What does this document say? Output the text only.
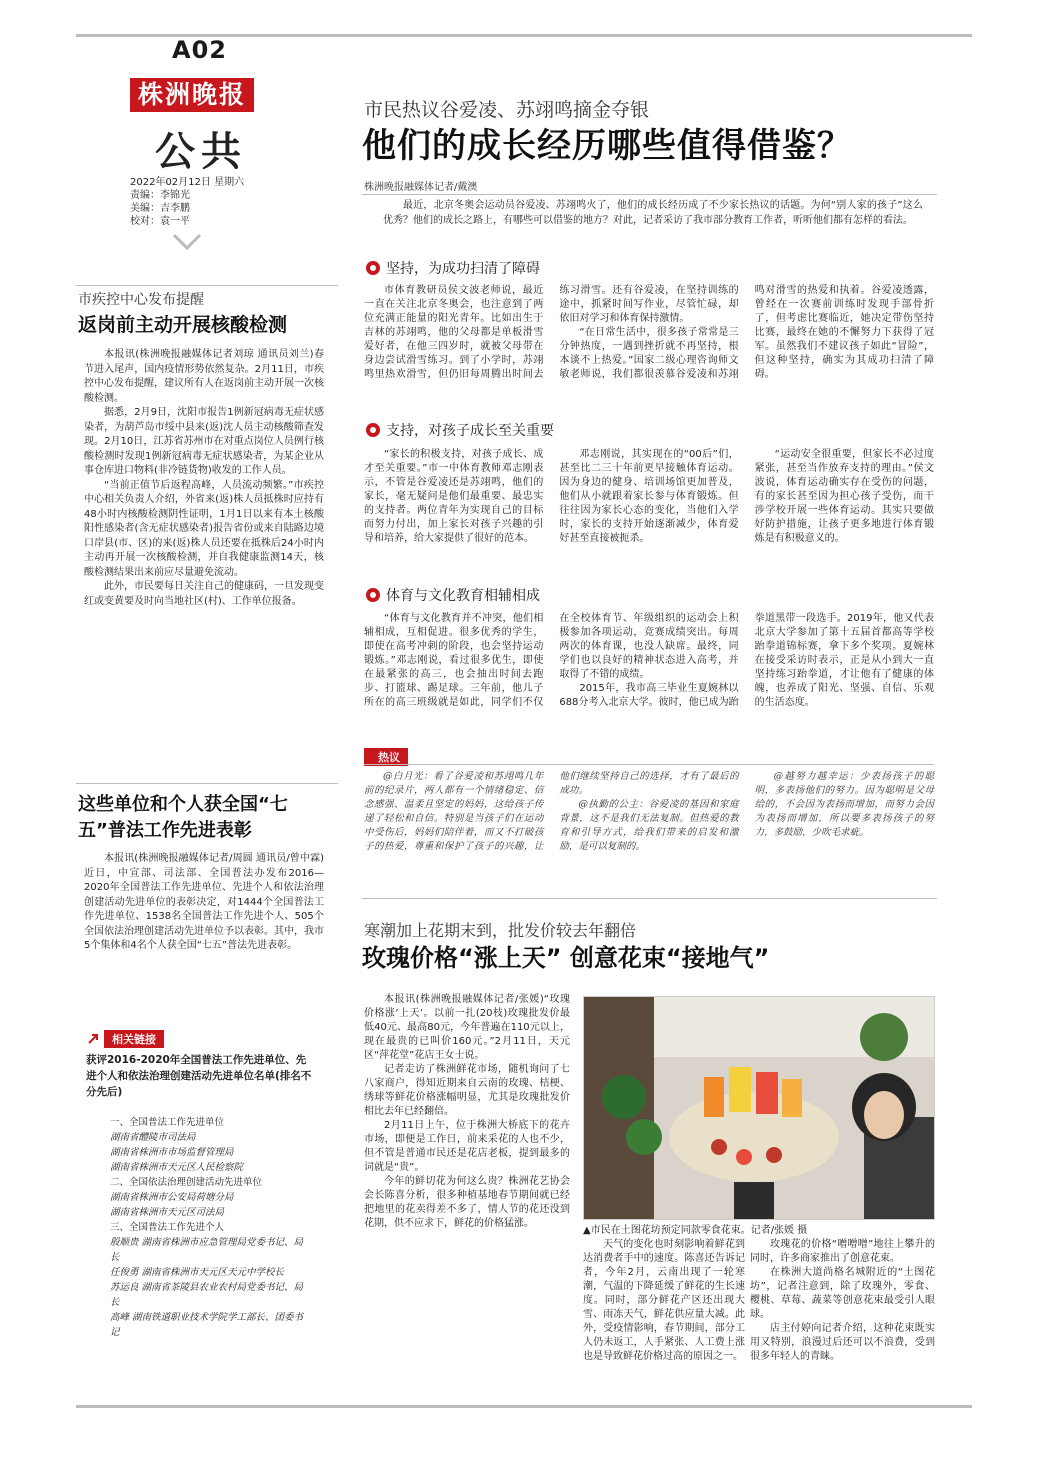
A02
株洲晚报
公共
2022年02月12日 星期六
责编：李锦光
美编：吉李鹏
校对：袁一平
市民热议谷爱凌、苏翊鸣摘金夺银
他们的成长经历哪些值得借鉴？
株洲晚报融媒体记者/戴澳

最近，北京冬奥会运动员谷爱凌、苏翊鸣火了，他们的成长经历成了不少家长热议的话题。为何“别人家的孩子”这么优秀？他们的成长之路上，有哪些可以借鉴的地方？对此，记者采访了我市部分教育工作者，听听他们都有怎样的看法。

坚持，为成功扫清了障碍

市体育教研员侯文波老师说，最近一直在关注北京冬奥会，也注意到了两位充满正能量的阳光青年。比如出生于吉林的苏翊鸣，他的父母都是单板滑雪爱好者，在他三四岁时，就被父母带在身边尝试滑雪练习。到了小学时，苏翊鸣里热欢滑雪，但仍旧每周腾出时间去练习滑雪。还有谷爱凌，在坚持训练的途中，抓紧时间写作业，尽管忙碌，却依旧对学习和体育保持激情。

“在日常生活中，很多孩子常常是三分钟热度，一遇到挫折就不再坚持，根本谈不上热爱。”国家二级心理咨询师文敏老师说，我们都很羡慕谷爱凌和苏翊鸣对滑雪的热爱和执着。谷爱凌透露，曾经在一次赛前训练时发现手部骨折了，但考虑比赛临近，她决定带伤坚持比赛，最终在她的不懈努力下获得了冠军。虽然我们不建议孩子如此“冒险”，但这种坚持，确实为其成功扫清了障碍。

支持，对孩子成长至关重要

“家长的积极支持，对孩子成长、成才至关重要。”市一中体育教师邓志刚表示，不管是谷爱凌还是苏翊鸣，他们的家长，毫无疑问是他们最重要、最忠实的支持者。两位青年为实现自己的目标而努力付出，加上家长对孩子兴趣的引导和培养，给大家提供了很好的范本。

邓志刚说，其实现在的“00后”们，甚至比二三十年前更早接触体育运动。因为身边的健身、培训场馆更加普及，他们从小就跟着家长参与体育锻炼。但往往因为家长心态的变化，当他们入学时，家长的支持开始逐渐减少，体育爱好甚至直接被扼杀。

“运动安全很重要，但家长不必过度紧张，甚至当作放弃支持的理由。”侯文波说，体育运动确实存在受伤的问题，有的家长甚至因为担心孩子受伤，而干涉学校开展一些体育运动。其实只要做好防护措施，让孩子更多地进行体育锻炼是有积极意义的。

体育与文化教育相辅相成

“体育与文化教育并不冲突，他们相辅相成，互相促进。很多优秀的学生，即使在高考冲刺的阶段，也会坚持运动锻炼。”邓志刚说，看过很多优生，即使在最紧张的高三，也会抽出时间去跑步、打篮球、踢足球。三年前，他儿子所在的高三班级就是如此，同学们不仅在全校体育节、年级组织的运动会上积极参加各项运动，竞赛成绩突出。每周两次的体育课，也没人缺席。最终，同学们也以良好的精神状态进入高考，并取得了不错的成绩。

2015年，我市高三毕业生夏婉林以688分考入北京大学。彼时，他已成为跆拳道黑带一段选手。2019年，他又代表北京大学参加了第十五届首都高等学校跆拳道锦标赛，拿下多个奖项。夏婉林在接受采访时表示，正是从小到大一直坚持练习跆拳道，才让他有了健康的体魄，也养成了阳光、坚强、自信、乐观的生活态度。

热议

@白月光：看了谷爱凌和苏翊鸣几年前的纪录片，两人都有一个情绪稳定、信念感强、温柔且坚定的妈妈，这给孩子传递了轻松和自信。特别是当孩子们在运动中受伤后，妈妈们陪伴着，而又不打破孩子的热爱，尊重和保护了孩子的兴趣，让他们继续坚持自己的选择，才有了最后的成功。

@执勤的公主：谷爱凌的基因和家庭背景，这不是我们无法复制。但热爱的教育和引导方式，给我们带来的启发和激励，是可以复制的。

@越努力越幸运：少表扬孩子的聪明，多表扬他们的努力。因为聪明是父母给的，不会因为表扬而增加，而努力会因为表扬而增加，所以要多表扬孩子的努力，多鼓励，少吹毛求疵。

市疾控中心发布提醒
返岗前主动开展核酸检测

本报讯(株洲晚报融媒体记者刘琼 通讯员刘兰)春节进入尾声，国内疫情形势依然复杂。2月11日，市疾控中心发布提醒，建议所有人在返岗前主动开展一次核酸检测。

据悉，2月9日，沈阳市报告1例新冠病毒无症状感染者，为葫芦岛市绥中县来(返)沈人员主动核酸筛查发现。2月10日，江苏省苏州市在对重点岗位人员例行核酸检测时发现1例新冠病毒无症状感染者，为某企业从事仓库进口物料(非冷链货物)收发的工作人员。

“当前正值节后返程高峰，人员流动频繁。”市疾控中心相关负责人介绍，外省来(返)株人员抵株时应持有48小时内核酸检测阴性证明，1月1日以来有本土核酸阳性感染者(含无症状感染者)报告省份或来自陆路边境口岸县(市、区)的来(返)株人员还要在抵株后24小时内主动再开展一次核酸检测，并自我健康监测14天，核酸检测结果出来前应尽量避免流动。

此外，市民要每日关注自己的健康码，一旦发现变红或变黄要及时向当地社区(村)、工作单位报备。

这些单位和个人获全国“七五”普法工作先进表彰

本报讯(株洲晚报融媒体记者/周圆 通讯员/曾中霖)近日，中宣部、司法部、全国普法办发布2016—2020年全国普法工作先进单位、先进个人和依法治理创建活动先进单位的表彰决定，对1444个全国普法工作先进单位、1538名全国普法工作先进个人、505个全国依法治理创建活动先进单位予以表彰。其中，我市5个集体和4名个人获全国“七五”普法先进表彰。

相关链接
获评2016-2020年全国普法工作先进单位、先进个人和依法治理创建活动先进单位名单(排名不分先后)
一、全国普法工作先进单位
湖南省醴陵市司法局
湖南省株洲市市场监督管理局
湖南省株洲市天元区人民检察院
二、全国依法治理创建活动先进单位
湖南省株洲市公安局荷塘分局
湖南省株洲市天元区司法局
三、全国普法工作先进个人
殷顺贵 湖南省株洲市应急管理局党委书记、局长
任俊勇 湖南省株洲市天元区天元中学校长
苏运良 湖南省茶陵县农业农村局党委书记、局长
高峰 湖南铁道职业技术学院学工部长、团委书记
寒潮加上花期末到，批发价较去年翻倍
玫瑰价格“涨上天” 创意花束“接地气”

本报讯(株洲晚报融媒体记者/张媛)“玫瑰价格涨‘上天’。以前一扎(20枝)玫瑰批发价最低40元、最高80元，今年普遍在110元以上，现在最贵的已叫价160元。”2月11日，天元区“萍花堂”花店王女士说。

记者走访了株洲鲜花市场，随机询问了七八家商户，得知近期来自云南的玫瑰、桔梗、绣球等鲜花价格涨幅明显，尤其是玫瑰批发价相比去年已经翻倍。

2月11日上午，位于株洲大桥底下的花卉市场，即便是工作日，前来采花的人也不少，但不管是普通市民还是花店老板，提到最多的词就是“贵”。

今年的鲜切花为何这么贵？株洲花艺协会会长陈喜分析，很多种植基地春节期间就已经把地里的花卖得差不多了，情人节的花还没到花期，供不应求下，鲜花的价格猛涨。

▲市民在土图花坊预定同款零食花束。记者/张媛 摄

天气的变化也时刻影响着鲜花到达消费者手中的速度。陈喜还告诉记者，今年2月，云南出现了一轮寒潮，气温的下降延缓了鲜花的生长速度。同时，部分鲜花产区还出现大雪、雨冻天气，鲜花供应量大减。此外，受疫情影响，春节期间，部分工人仍未返工，人手紧张、人工费上涨也是导致鲜花价格过高的原因之一。

玫瑰花的价格“噌噌噌”地往上攀升的同时，许多商家推出了创意花束。

在株洲大道尚格名城附近的“土图花坊”，记者注意到，除了玫瑰外，零食、樱桃、草莓、蔬菜等创意花束最受引人眼球。

店主付婷向记者介绍，这种花束既实用又特别，浪漫过后还可以不浪费，受到很多年轻人的青睐。
